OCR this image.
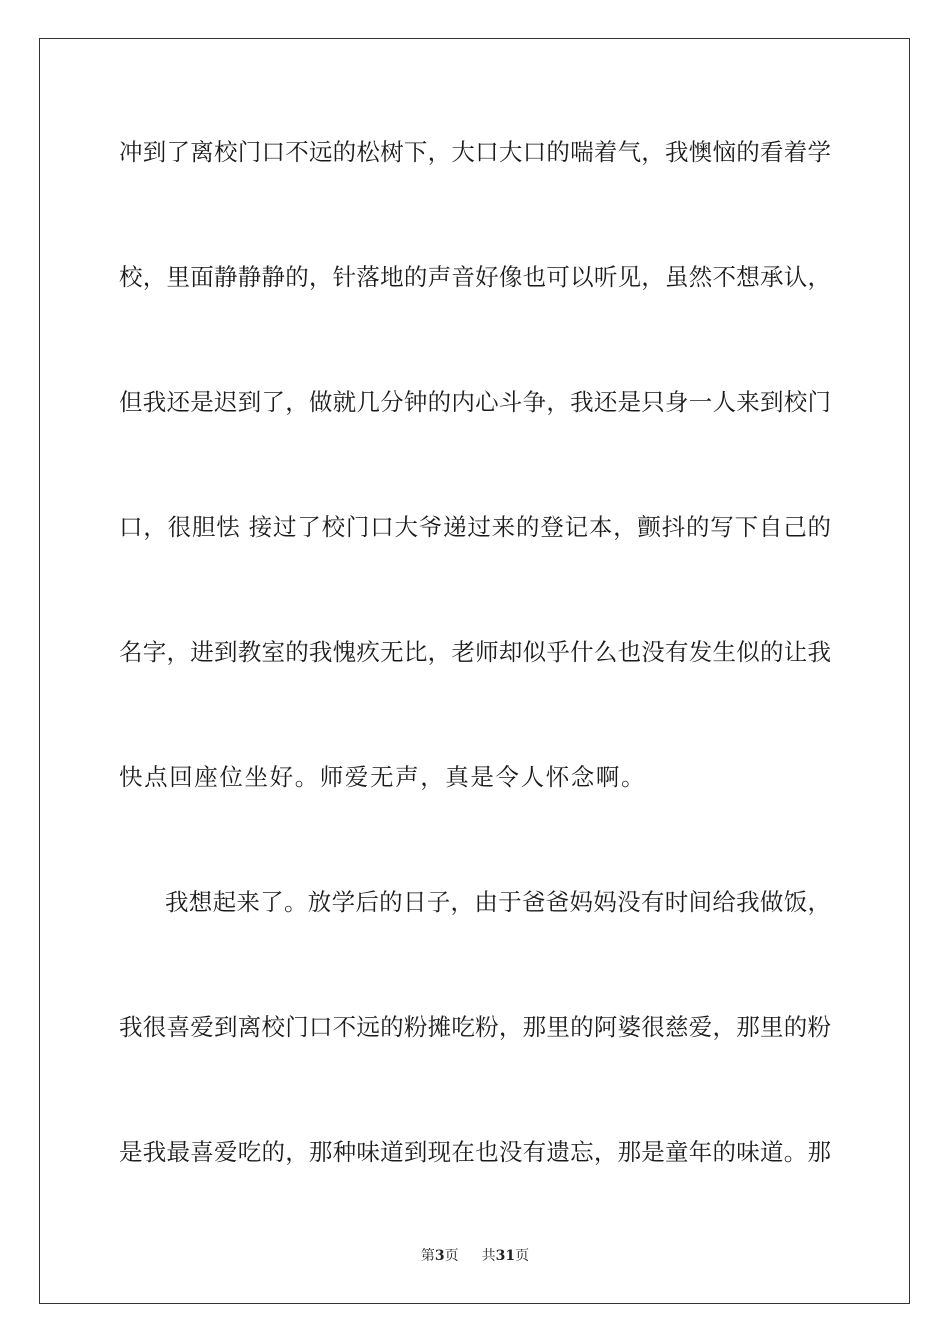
冲到了离校门口不远的松树下，大口大口的喘着气，我懊恼的看着学
校，里面静静静的，针落地的声音好像也可以听见，虽然不想承认，
但我还是迟到了，做就几分钟的内心斗争，我还是只身一人来到校门
口，很胆怯 接过了校门口大爷递过来的登记本，颤抖的写下自己的
名字，进到教室的我愧疚无比，老师却似乎什么也没有发生似的让我
快点回座位坐好。师爱无声，真是令人怀念啊。
我想起来了。放学后的日子，由于爸爸妈妈没有时间给我做饭，
我很喜爱到离校门口不远的粉摊吃粉，那里的阿婆很慈爱，那里的粉
是我最喜爱吃的，那种味道到现在也没有遗忘，那是童年的味道。那
第3页 共31页
